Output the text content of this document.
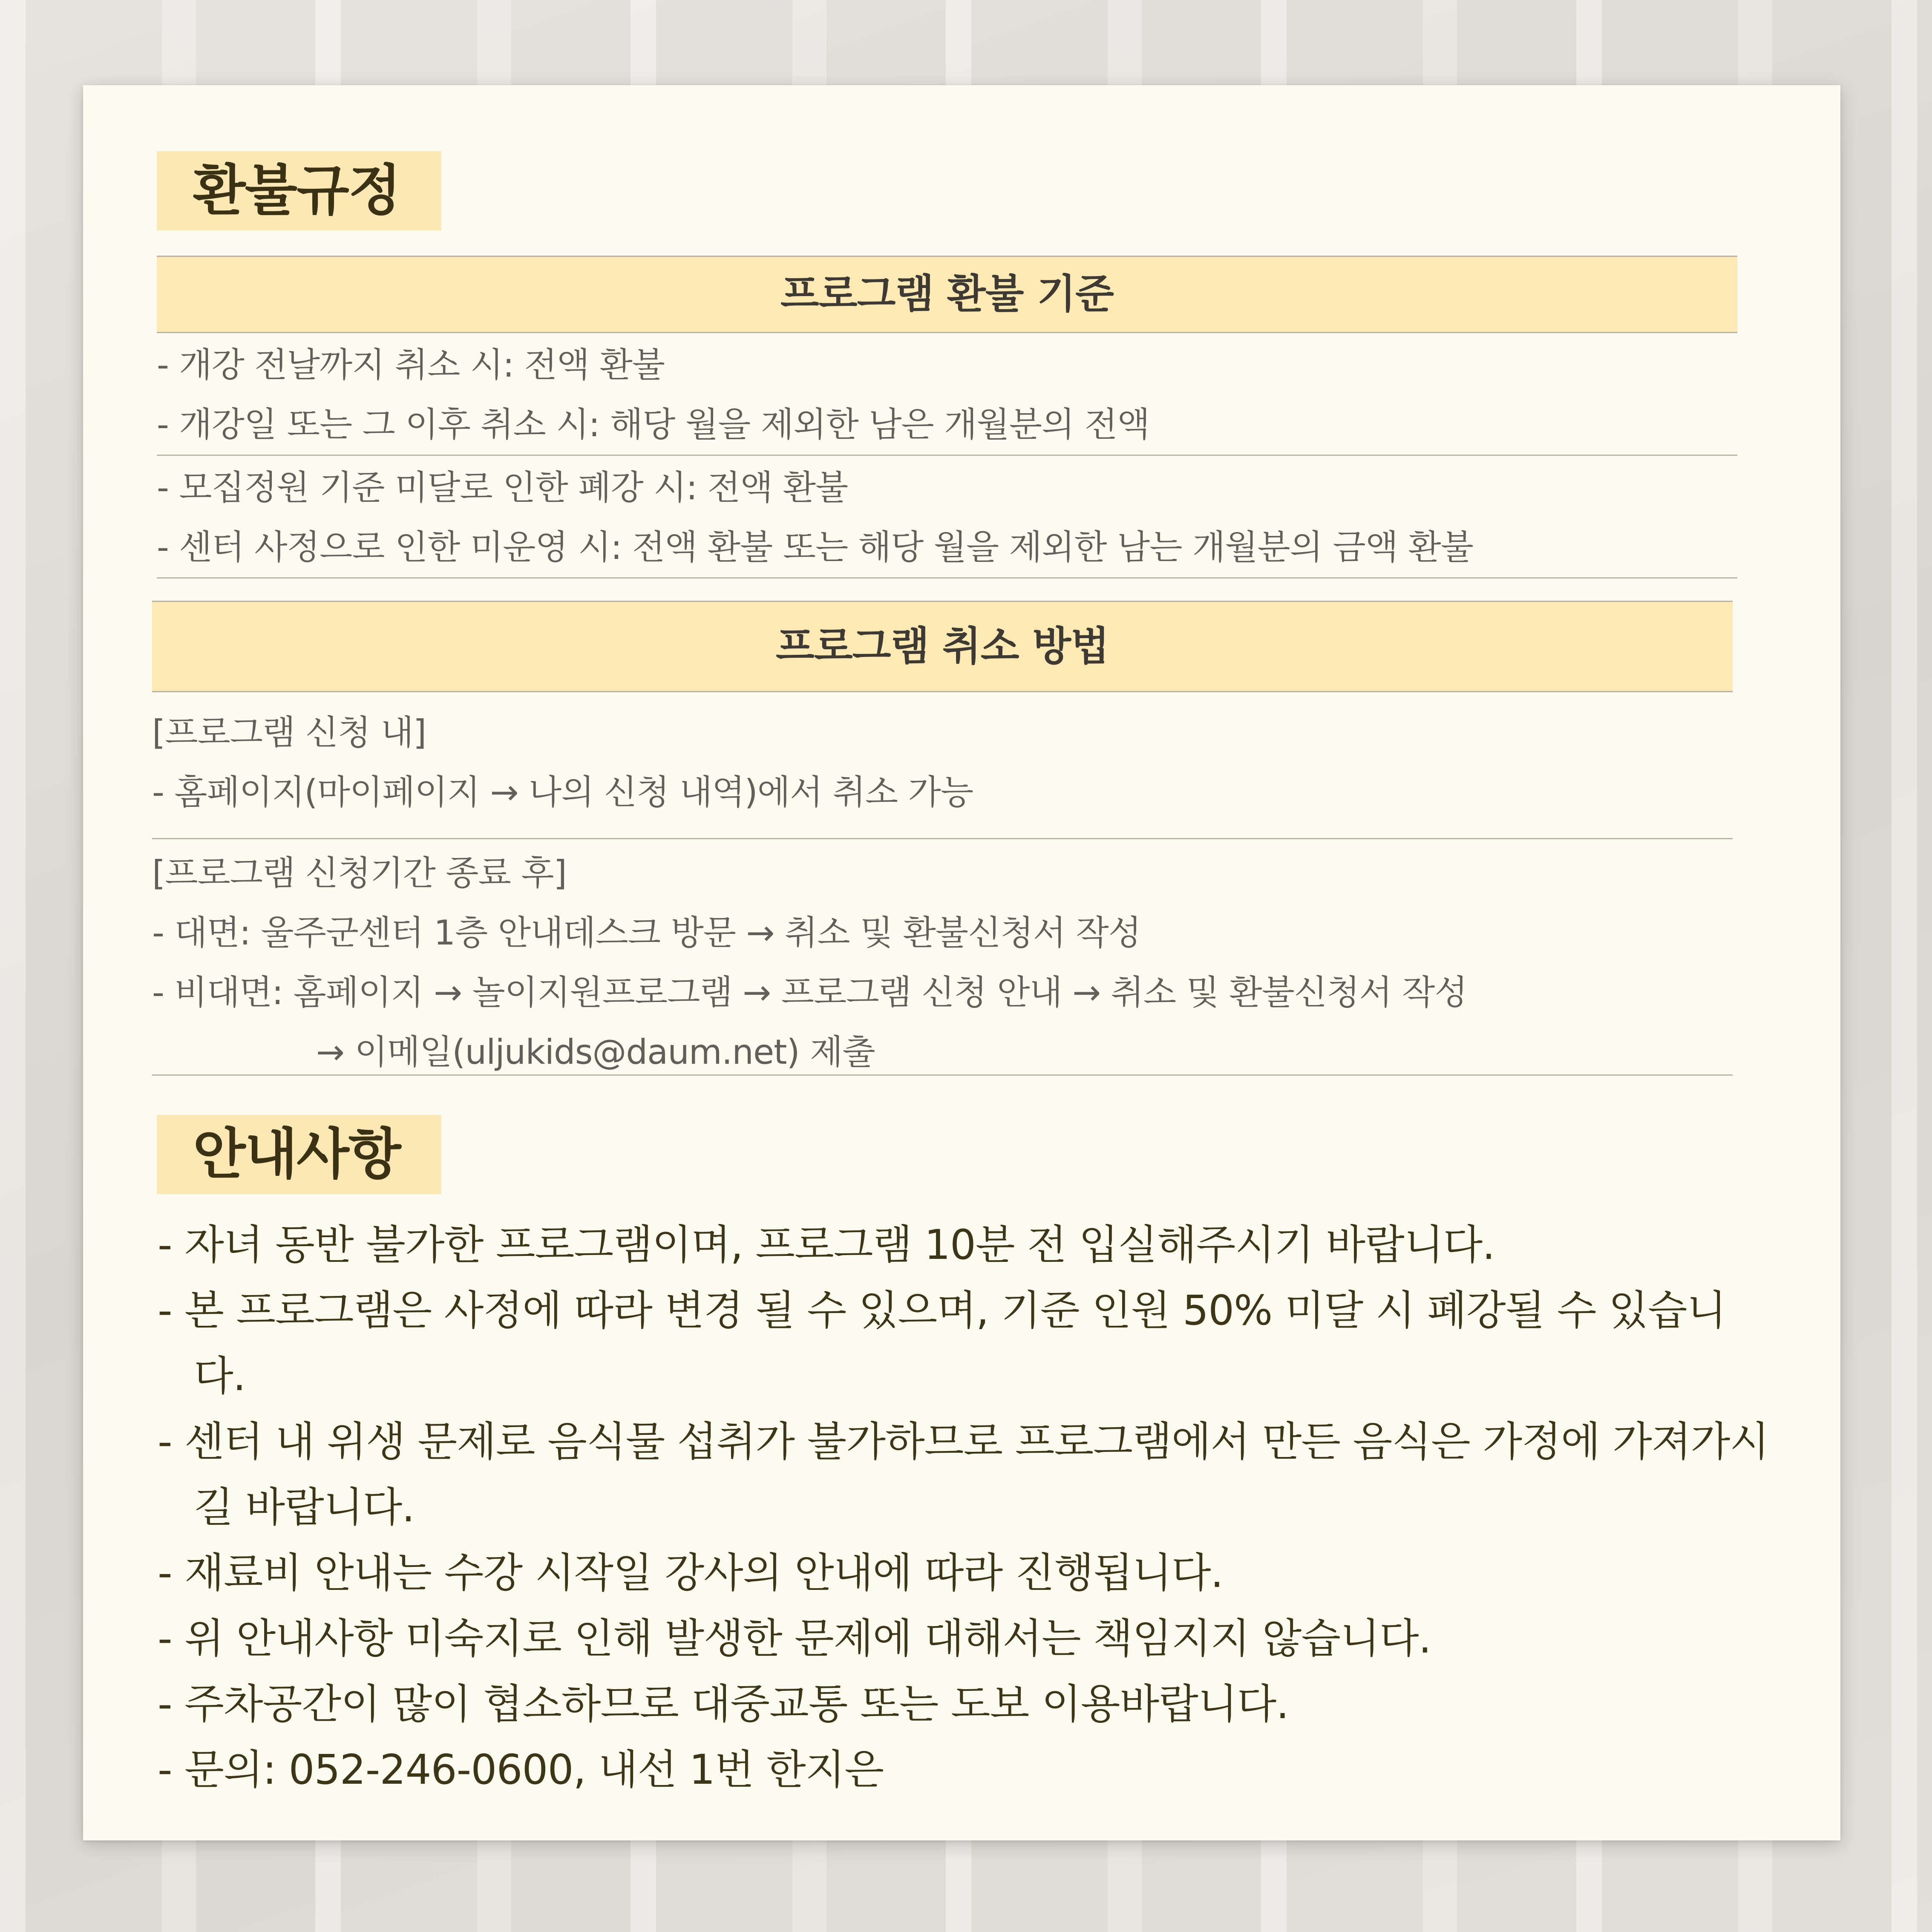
환불규정
프로그램 환불 기준
- 개강 전날까지 취소 시: 전액 환불
- 개강일 또는 그 이후 취소 시: 해당 월을 제외한 남은 개월분의 전액
- 모집정원 기준 미달로 인한 폐강 시: 전액 환불
- 센터 사정으로 인한 미운영 시: 전액 환불 또는 해당 월을 제외한 남는 개월분의 금액 환불
프로그램 취소 방법
[프로그램 신청 내]
- 홈페이지(마이페이지 → 나의 신청 내역)에서 취소 가능
[프로그램 신청기간 종료 후]
- 대면: 울주군센터 1층 안내데스크 방문 → 취소 및 환불신청서 작성
- 비대면: 홈페이지 → 놀이지원프로그램 → 프로그램 신청 안내 → 취소 및 환불신청서 작성
→ 이메일(uljukids@daum.net) 제출
안내사항
- 자녀 동반 불가한 프로그램이며, 프로그램 10분 전 입실해주시기 바랍니다.
- 본 프로그램은 사정에 따라 변경 될 수 있으며, 기준 인원 50% 미달 시 폐강될 수 있습니다.
- 센터 내 위생 문제로 음식물 섭취가 불가하므로 프로그램에서 만든 음식은 가정에 가져가시길 바랍니다.
- 재료비 안내는 수강 시작일 강사의 안내에 따라 진행됩니다.
- 위 안내사항 미숙지로 인해 발생한 문제에 대해서는 책임지지 않습니다.
- 주차공간이 많이 협소하므로 대중교통 또는 도보 이용바랍니다.
- 문의: 052-246-0600, 내선 1번 한지은
